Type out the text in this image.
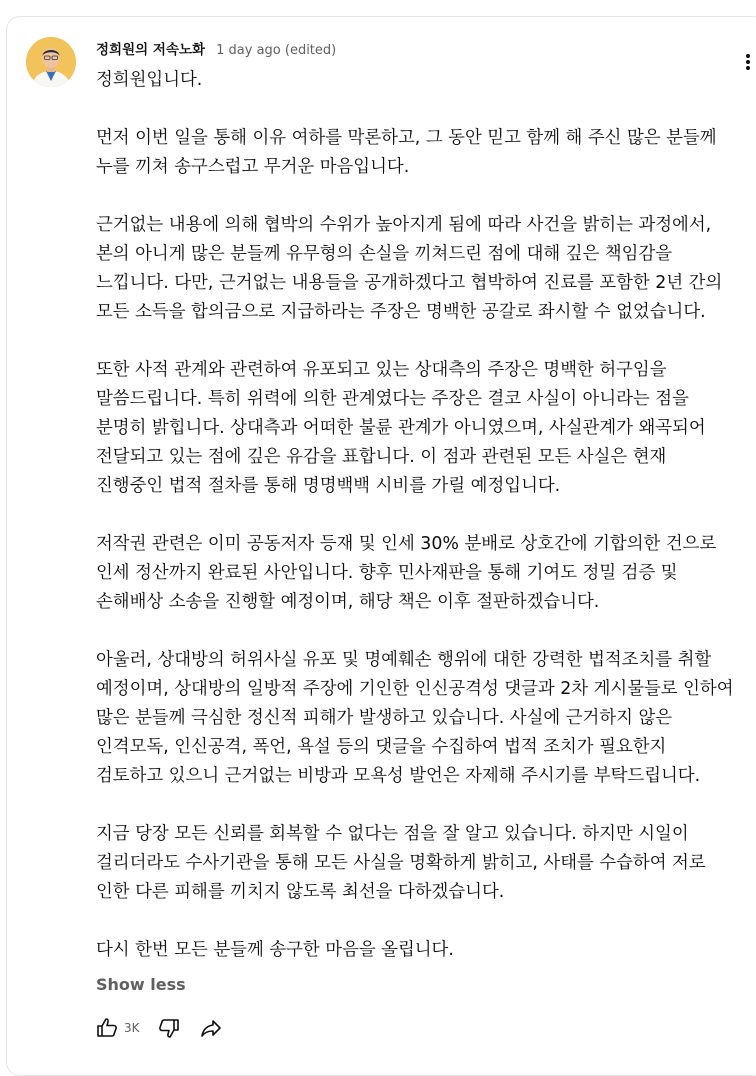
정희원의 저속노화 1 day ago (edited)

정희원입니다.

먼저 이번 일을 통해 이유 여하를 막론하고, 그 동안 믿고 함께 해 주신 많은 분들께 누를 끼쳐 송구스럽고 무거운 마음입니다.

근거없는 내용에 의해 협박의 수위가 높아지게 됨에 따라 사건을 밝히는 과정에서, 본의 아니게 많은 분들께 유무형의 손실을 끼쳐드린 점에 대해 깊은 책임감을 느낍니다. 다만, 근거없는 내용들을 공개하겠다고 협박하여 진료를 포함한 2년 간의 모든 소득을 합의금으로 지급하라는 주장은 명백한 공갈로 좌시할 수 없었습니다.

또한 사적 관계와 관련하여 유포되고 있는 상대측의 주장은 명백한 허구임을 말씀드립니다. 특히 위력에 의한 관계였다는 주장은 결코 사실이 아니라는 점을 분명히 밝힙니다. 상대측과 어떠한 불륜 관계가 아니였으며, 사실관계가 왜곡되어 전달되고 있는 점에 깊은 유감을 표합니다. 이 점과 관련된 모든 사실은 현재 진행중인 법적 절차를 통해 명명백백 시비를 가릴 예정입니다.

저작권 관련은 이미 공동저자 등재 및 인세 30% 분배로 상호간에 기합의한 건으로 인세 정산까지 완료된 사안입니다. 향후 민사재판을 통해 기여도 정밀 검증 및 손해배상 소송을 진행할 예정이며, 해당 책은 이후 절판하겠습니다.

아울러, 상대방의 허위사실 유포 및 명예훼손 행위에 대한 강력한 법적조치를 취할 예정이며, 상대방의 일방적 주장에 기인한 인신공격성 댓글과 2차 게시물들로 인하여 많은 분들께 극심한 정신적 피해가 발생하고 있습니다. 사실에 근거하지 않은 인격모독, 인신공격, 폭언, 욕설 등의 댓글을 수집하여 법적 조치가 필요한지 검토하고 있으니 근거없는 비방과 모욕성 발언은 자제해 주시기를 부탁드립니다.

지금 당장 모든 신뢰를 회복할 수 없다는 점을 잘 알고 있습니다. 하지만 시일이 걸리더라도 수사기관을 통해 모든 사실을 명확하게 밝히고, 사태를 수습하여 저로 인한 다른 피해를 끼치지 않도록 최선을 다하겠습니다.

다시 한번 모든 분들께 송구한 마음을 올립니다.

Show less
3K
